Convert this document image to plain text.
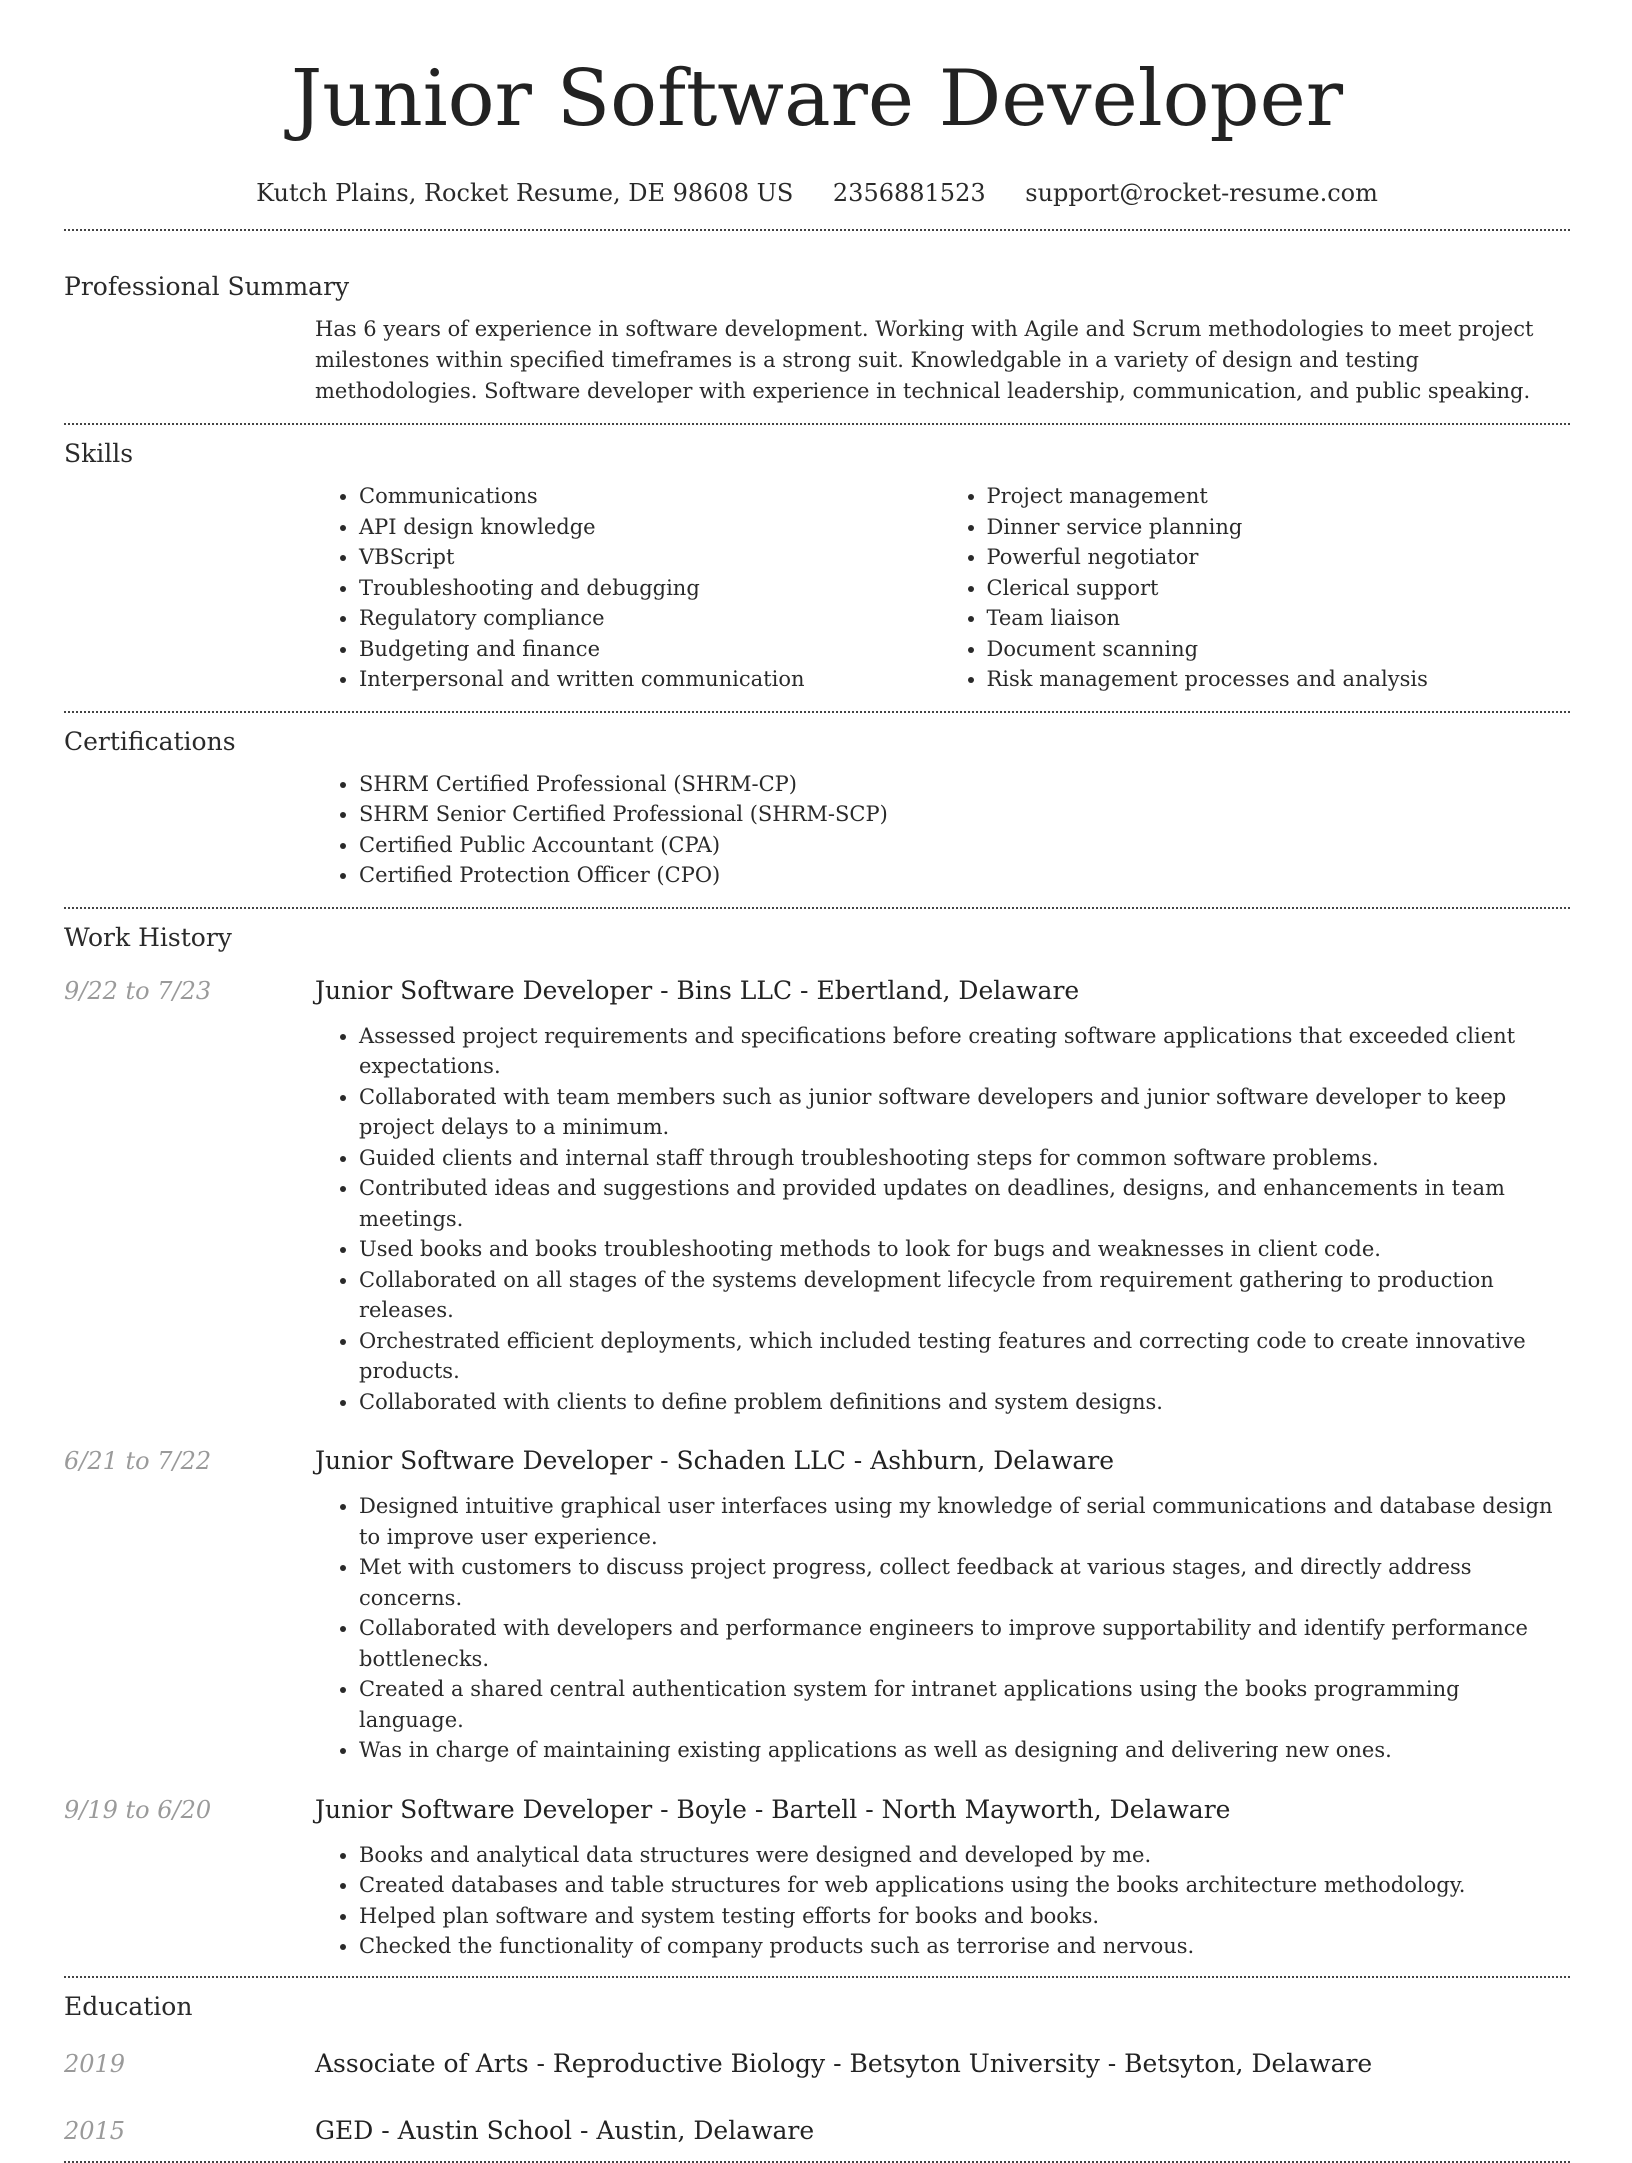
Junior Software Developer
Kutch Plains, Rocket Resume, DE 98608 US 2356881523 support@rocket-resume.com
Professional Summary

Has 6 years of experience in software development. Working with Agile and Scrum methodologies to meet project milestones within specified timeframes is a strong suit. Knowledgable in a variety of design and testing methodologies. Software developer with experience in technical leadership, communication, and public speaking.

Skills
• Communications
• API design knowledge
• VBScript
• Troubleshooting and debugging
• Regulatory compliance
• Budgeting and finance
• Interpersonal and written communication
• Project management
• Dinner service planning
• Powerful negotiator
• Clerical support
• Team liaison
• Document scanning
• Risk management processes and analysis
Certifications
• SHRM Certified Professional (SHRM-CP)
• SHRM Senior Certified Professional (SHRM-SCP)
• Certified Public Accountant (CPA)
• Certified Protection Officer (CPO)
Work History
9/22 to 7/23	Junior Software Developer - Bins LLC - Ebertland, Delaware
• Assessed project requirements and specifications before creating software applications that exceeded client expectations.
• Collaborated with team members such as junior software developers and junior software developer to keep project delays to a minimum.
• Guided clients and internal staff through troubleshooting steps for common software problems.
• Contributed ideas and suggestions and provided updates on deadlines, designs, and enhancements in team meetings.
• Used books and books troubleshooting methods to look for bugs and weaknesses in client code.
• Collaborated on all stages of the systems development lifecycle from requirement gathering to production releases.
• Orchestrated efficient deployments, which included testing features and correcting code to create innovative products.
• Collaborated with clients to define problem definitions and system designs.
6/21 to 7/22	Junior Software Developer - Schaden LLC - Ashburn, Delaware
• Designed intuitive graphical user interfaces using my knowledge of serial communications and database design to improve user experience.
• Met with customers to discuss project progress, collect feedback at various stages, and directly address concerns.
• Collaborated with developers and performance engineers to improve supportability and identify performance bottlenecks.
• Created a shared central authentication system for intranet applications using the books programming language.
• Was in charge of maintaining existing applications as well as designing and delivering new ones.
9/19 to 6/20	Junior Software Developer - Boyle - Bartell - North Mayworth, Delaware
• Books and analytical data structures were designed and developed by me.
• Created databases and table structures for web applications using the books architecture methodology.
• Helped plan software and system testing efforts for books and books.
• Checked the functionality of company products such as terrorise and nervous.
Education
2019	Associate of Arts - Reproductive Biology - Betsyton University - Betsyton, Delaware
2015	GED - Austin School - Austin, Delaware
